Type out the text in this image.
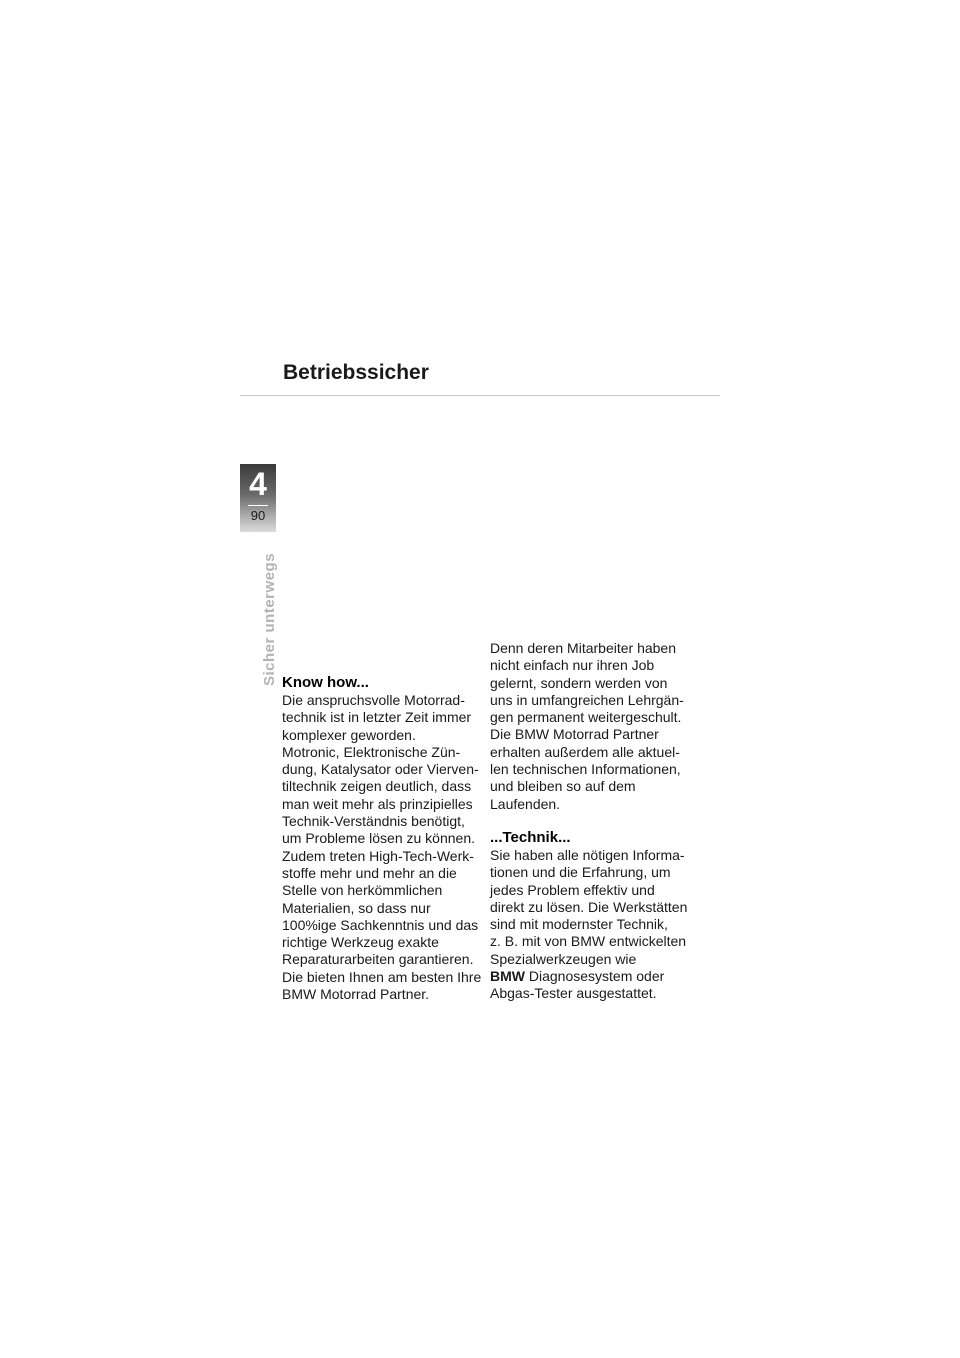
Betriebssicher
4
90
Sicher unterwegs Know how...

Die anspruchsvolle Motorrad-
technik ist in letzter Zeit immer
komplexer geworden.
Motronic, Elektronische Zün-
dung, Katalysator oder Vierven-
tiltechnik zeigen deutlich, dass
man weit mehr als prinzipielles
Technik-Verständnis benötigt,
um Probleme lösen zu können.
Zudem treten High-Tech-Werk-
stoffe mehr und mehr an die
Stelle von herkömmlichen
Materialien, so dass nur
100%ige Sachkenntnis und das
richtige Werkzeug exakte
Reparaturarbeiten garantieren.
Die bieten Ihnen am besten Ihre
BMW Motorrad Partner.

Denn deren Mitarbeiter haben
nicht einfach nur ihren Job
gelernt, sondern werden von
uns in umfangreichen Lehrgän-
gen permanent weitergeschult.
Die BMW Motorrad Partner
erhalten außerdem alle aktuel-
len technischen Informationen,
und bleiben so auf dem
Laufenden.

...Technik...

Sie haben alle nötigen Informa-
tionen und die Erfahrung, um
jedes Problem effektiv und
direkt zu lösen. Die Werkstätten
sind mit modernster Technik,
z. B. mit von BMW entwickelten
Spezialwerkzeugen wie
BMW Diagnosesystem oder
Abgas-Tester ausgestattet.
